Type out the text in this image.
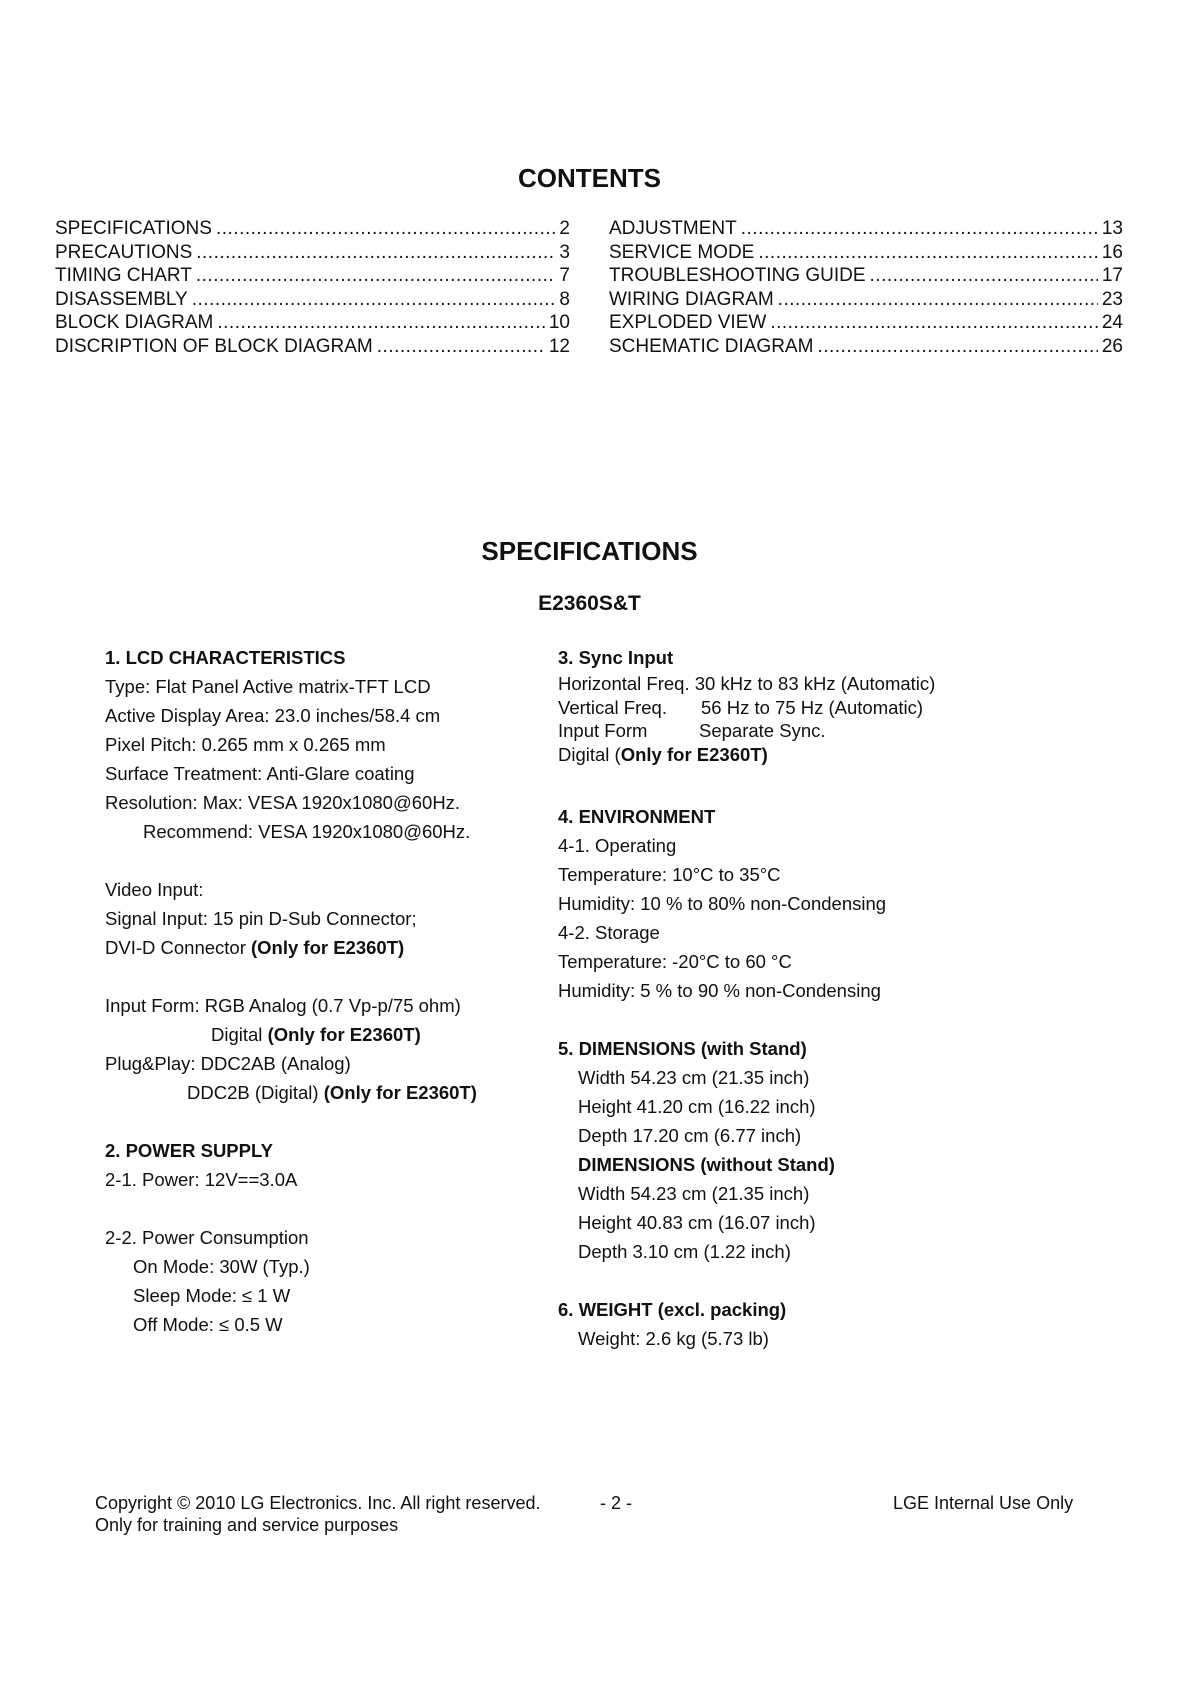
CONTENTS
SPECIFICATIONS .....	2
PRECAUTIONS .....	3
TIMING CHART .....	7
DISASSEMBLY .....	8
BLOCK DIAGRAM .....	10
DISCRIPTION OF BLOCK DIAGRAM .....	12
ADJUSTMENT .....	13
SERVICE MODE .....	16
TROUBLESHOOTING GUIDE .....	17
WIRING DIAGRAM .....	23
EXPLODED VIEW .....	24
SCHEMATIC DIAGRAM .....	26
SPECIFICATIONS
E2360S&T
1. LCD CHARACTERISTICS
Type: Flat Panel Active matrix-TFT LCD
Active Display Area: 23.0 inches/58.4 cm
Pixel Pitch: 0.265 mm x 0.265 mm
Surface Treatment: Anti-Glare coating
Resolution: Max: VESA 1920x1080@60Hz.
Recommend: VESA 1920x1080@60Hz.
Video Input:
Signal Input: 15 pin D-Sub Connector;
DVI-D Connector (Only for E2360T)
Input Form: RGB Analog (0.7 Vp-p/75 ohm)
Digital (Only for E2360T)
Plug&Play: DDC2AB (Analog)
DDC2B (Digital) (Only for E2360T)
2. POWER SUPPLY
2-1. Power: 12V==3.0A
2-2. Power Consumption
On Mode: 30W (Typ.)
Sleep Mode: ≤ 1 W
Off Mode: ≤ 0.5 W
3. Sync Input
Horizontal Freq. 30 kHz to 83 kHz (Automatic)
Vertical Freq. 56 Hz to 75 Hz (Automatic)
Input Form	Separate Sync.
Digital (Only for E2360T)
4. ENVIRONMENT
4-1. Operating
Temperature: 10°C to 35°C
Humidity: 10 % to 80% non-Condensing
4-2. Storage
Temperature: -20°C to 60 °C
Humidity: 5 % to 90 % non-Condensing
5. DIMENSIONS (with Stand)
Width 54.23 cm (21.35 inch)
Height 41.20 cm (16.22 inch)
Depth 17.20 cm (6.77 inch)
DIMENSIONS (without Stand)
Width 54.23 cm (21.35 inch)
Height 40.83 cm (16.07 inch)
Depth 3.10 cm (1.22 inch)
6. WEIGHT (excl. packing)
Weight: 2.6 kg (5.73 lb)
Copyright © 2010 LG Electronics. Inc. All right reserved.	- 2 -	LGE Internal Use Only
Only for training and service purposes
